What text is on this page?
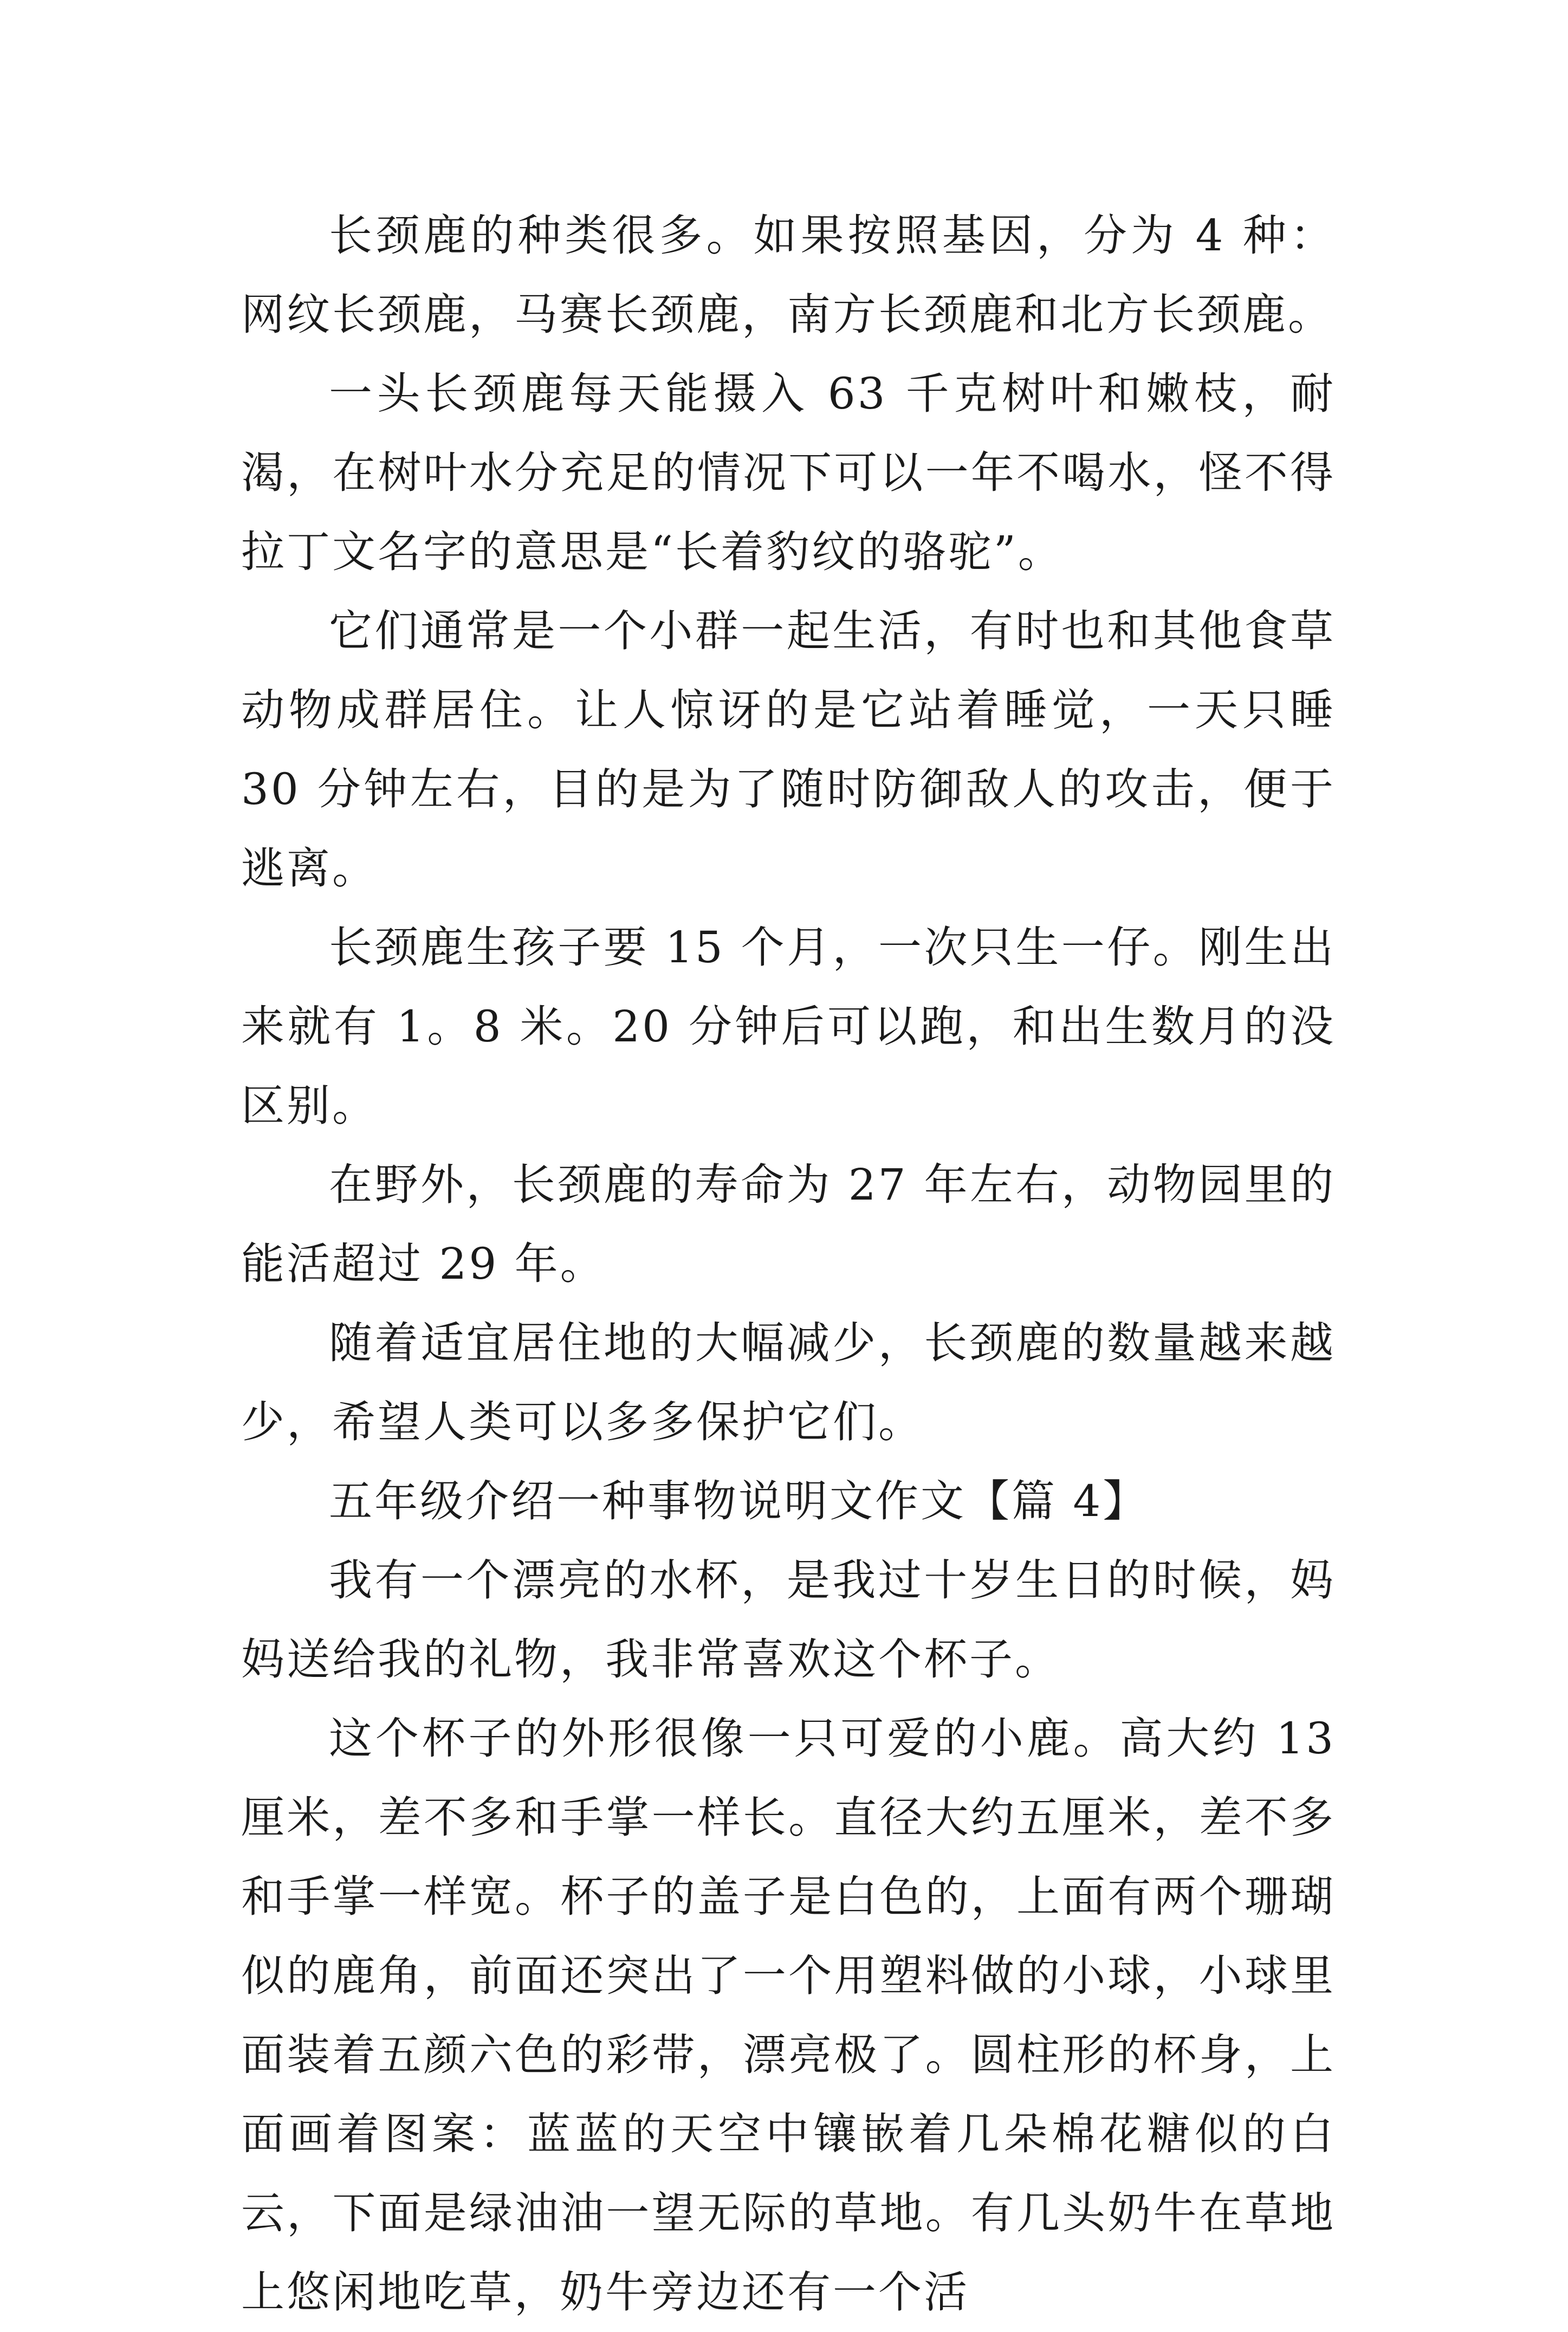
长颈鹿的种类很多。如果按照基因，分为 4 种：网纹长颈鹿，马赛长颈鹿，南方长颈鹿和北方长颈鹿。

一头长颈鹿每天能摄入 63 千克树叶和嫩枝，耐渴，在树叶水分充足的情况下可以一年不喝水，怪不得拉丁文名字的意思是“长着豹纹的骆驼”。

它们通常是一个小群一起生活，有时也和其他食草动物成群居住。让人惊讶的是它站着睡觉，一天只睡 30 分钟左右，目的是为了随时防御敌人的攻击，便于逃离。

长颈鹿生孩子要 15 个月，一次只生一仔。刚生出来就有 1。8 米。20 分钟后可以跑，和出生数月的没区别。

在野外，长颈鹿的寿命为 27 年左右，动物园里的能活超过 29 年。

随着适宜居住地的大幅减少，长颈鹿的数量越来越少，希望人类可以多多保护它们。

五年级介绍一种事物说明文作文【篇 4】

我有一个漂亮的水杯，是我过十岁生日的时候，妈妈送给我的礼物，我非常喜欢这个杯子。

这个杯子的外形很像一只可爱的小鹿。高大约 13 厘米，差不多和手掌一样长。直径大约五厘米，差不多和手掌一样宽。杯子的盖子是白色的，上面有两个珊瑚似的鹿角，前面还突出了一个用塑料做的小球，小球里面装着五颜六色的彩带，漂亮极了。圆柱形的杯身，上面画着图案：蓝蓝的天空中镶嵌着几朵棉花糖似的白云，下面是绿油油一望无际的草地。有几头奶牛在草地上悠闲地吃草，奶牛旁边还有一个活
